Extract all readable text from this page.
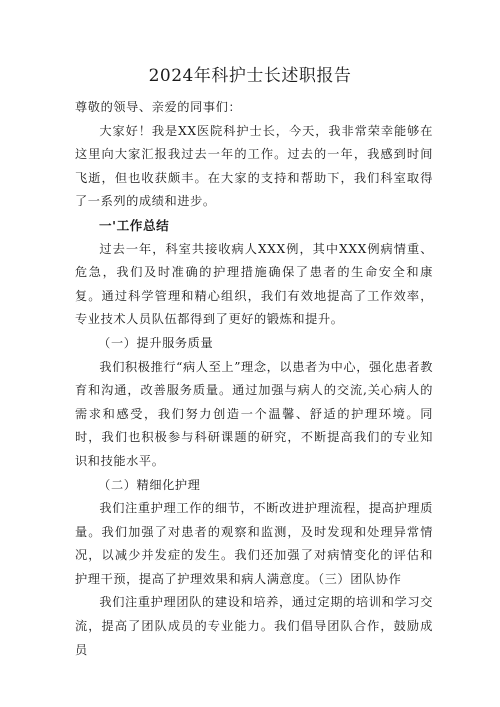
2024年科护士长述职报告

尊敬的领导、亲爱的同事们：

大家好！我是XX医院科护士长，今天，我非常荣幸能够在这里向大家汇报我过去一年的工作。过去的一年，我感到时间飞逝，但也收获颇丰。在大家的支持和帮助下，我们科室取得了一系列的成绩和进步。

一'工作总结

过去一年，科室共接收病人XXX例，其中XXX例病情重、危急，我们及时准确的护理措施确保了患者的生命安全和康复。通过科学管理和精心组织，我们有效地提高了工作效率，专业技术人员队伍都得到了更好的锻炼和提升。

（一）提升服务质量

我们积极推行“病人至上”理念，以患者为中心，强化患者教育和沟通，改善服务质量。通过加强与病人的交流,关心病人的需求和感受，我们努力创造一个温馨、舒适的护理环境。同时，我们也积极参与科研课题的研究，不断提高我们的专业知识和技能水平。

（二）精细化护理

我们注重护理工作的细节，不断改进护理流程，提高护理质量。我们加强了对患者的观察和监测，及时发现和处理异常情况，以减少并发症的发生。我们还加强了对病情变化的评估和护理干预，提高了护理效果和病人满意度。（三）团队协作

我们注重护理团队的建设和培养，通过定期的培训和学习交流，提高了团队成员的专业能力。我们倡导团队合作，鼓励成员
